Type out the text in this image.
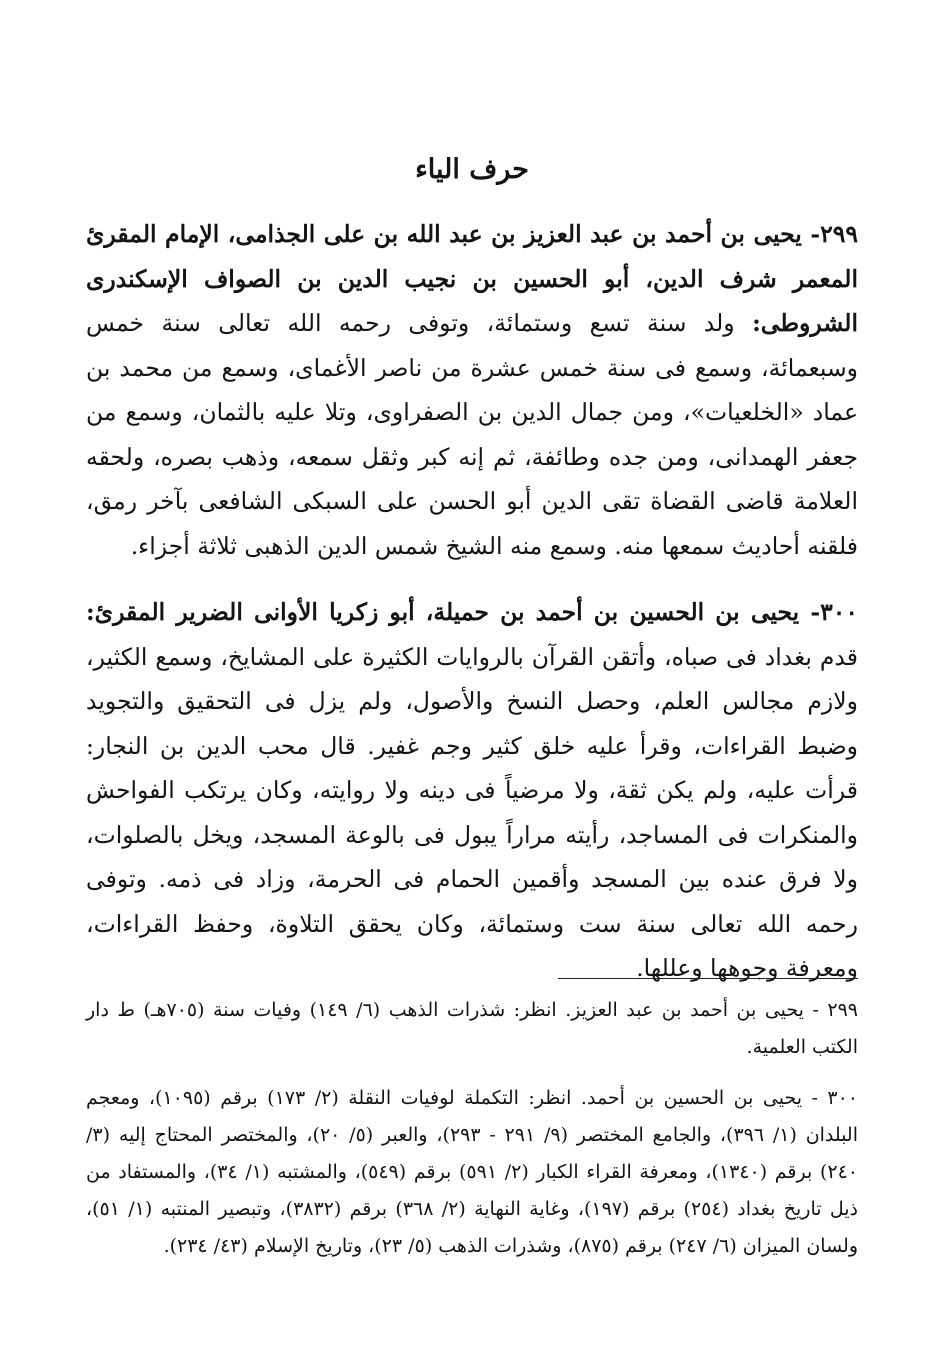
حرف الياء

٢٩٩- يحيى بن أحمد بن عبد العزيز بن عبد الله بن على الجذامى، الإمام المقرئ المعمر شرف الدين، أبو الحسين بن نجيب الدين بن الصواف الإسكندرى الشروطى: ولد سنة تسع وستمائة، وتوفى رحمه الله تعالى سنة خمس وسبعمائة، وسمع فى سنة خمس عشرة من ناصر الأغماى، وسمع من محمد بن عماد «الخلعيات»، ومن جمال الدين بن الصفراوى، وتلا عليه بالثمان، وسمع من جعفر الهمدانى، ومن جده وطائفة، ثم إنه كبر وثقل سمعه، وذهب بصره، ولحقه العلامة قاضى القضاة تقى الدين أبو الحسن على السبكى الشافعى بآخر رمق، فلقنه أحاديث سمعها منه. وسمع منه الشيخ شمس الدين الذهبى ثلاثة أجزاء.

٣٠٠- يحيى بن الحسين بن أحمد بن حميلة، أبو زكريا الأوانى الضرير المقرئ: قدم بغداد فى صباه، وأتقن القرآن بالروايات الكثيرة على المشايخ، وسمع الكثير، ولازم مجالس العلم، وحصل النسخ والأصول، ولم يزل فى التحقيق والتجويد وضبط القراءات، وقرأ عليه خلق كثير وجم غفير. قال محب الدين بن النجار: قرأت عليه، ولم يكن ثقة، ولا مرضياً فى دينه ولا روايته، وكان يرتكب الفواحش والمنكرات فى المساجد، رأيته مراراً يبول فى بالوعة المسجد، ويخل بالصلوات، ولا فرق عنده بين المسجد وأقمين الحمام فى الحرمة، وزاد فى ذمه. وتوفى رحمه الله تعالى سنة ست وستمائة، وكان يحقق التلاوة، وحفظ القراءات، ومعرفة وجوهها وعللها.

٢٩٩ - يحيى بن أحمد بن عبد العزيز. انظر: شذرات الذهب (٦/ ١٤٩) وفيات سنة (٧٠٥هـ) ط دار الكتب العلمية.

٣٠٠ - يحيى بن الحسين بن أحمد. انظر: التكملة لوفيات النقلة (٢/ ١٧٣) برقم (١٠٩٥)، ومعجم البلدان (١/ ٣٩٦)، والجامع المختصر (٩/ ٢٩١ - ٢٩٣)، والعبر (٥/ ٢٠)، والمختصر المحتاج إليه (٣/ ٢٤٠) برقم (١٣٤٠)، ومعرفة القراء الكبار (٢/ ٥٩١) برقم (٥٤٩)، والمشتبه (١/ ٣٤)، والمستفاد من ذيل تاريخ بغداد (٢٥٤) برقم (١٩٧)، وغاية النهاية (٢/ ٣٦٨) برقم (٣٨٣٢)، وتبصير المنتبه (١/ ٥١)، ولسان الميزان (٦/ ٢٤٧) برقم (٨٧٥)، وشذرات الذهب (٥/ ٢٣)، وتاريخ الإسلام (٤٣/ ٢٣٤).
